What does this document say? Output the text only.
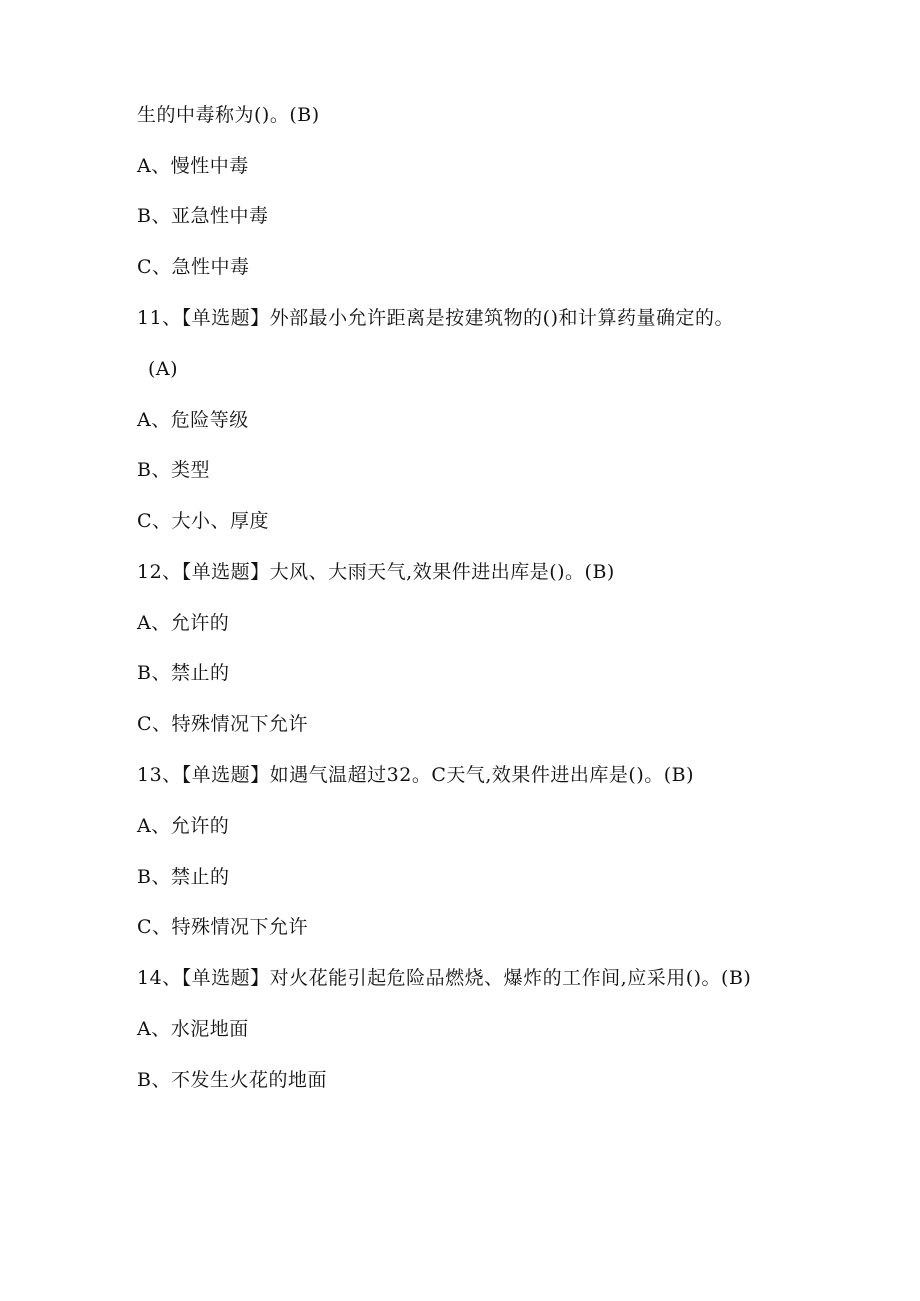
生的中毒称为()。(B)
A、慢性中毒
B、亚急性中毒
C、急性中毒
11、【单选题】外部最小允许距离是按建筑物的()和计算药量确定的。
(A)
A、危险等级
B、类型
C、大小、厚度
12、【单选题】大风、大雨天气,效果件进出库是()。(B)
A、允许的
B、禁止的
C、特殊情况下允许
13、【单选题】如遇气温超过32。C天气,效果件进出库是()。(B)
A、允许的
B、禁止的
C、特殊情况下允许
14、【单选题】对火花能引起危险品燃烧、爆炸的工作间,应采用()。(B)
A、水泥地面
B、不发生火花的地面
